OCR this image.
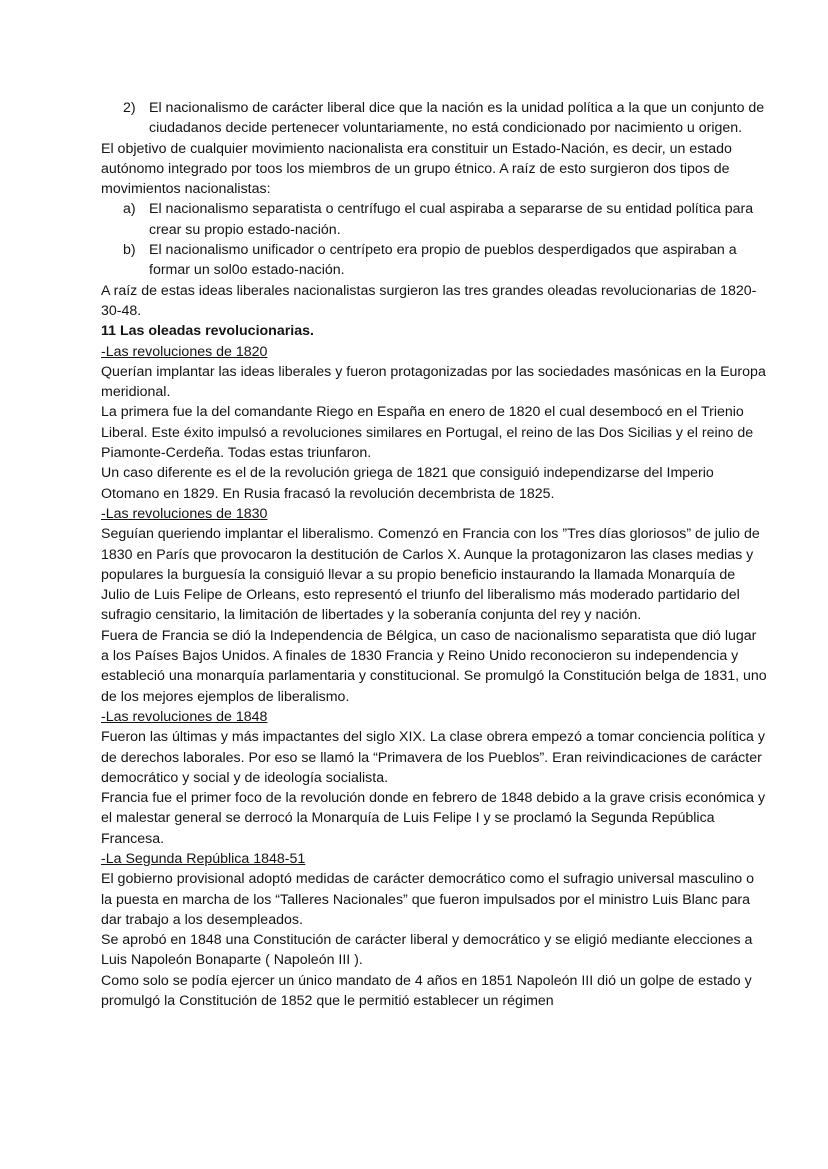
2) El nacionalismo de carácter liberal dice que la nación es la unidad política a la que un conjunto de ciudadanos decide pertenecer voluntariamente, no está condicionado por nacimiento u origen.

El objetivo de cualquier movimiento nacionalista era constituir un Estado-Nación, es decir, un estado autónomo integrado por toos los miembros de un grupo étnico. A raíz de esto surgieron dos tipos de movimientos nacionalistas:

a) El nacionalismo separatista o centrífugo el cual aspiraba a separarse de su entidad política para crear su propio estado-nación.
b) El nacionalismo unificador o centrípeto era propio de pueblos desperdigados que aspiraban a formar un sol0o estado-nación.

A raíz de estas ideas liberales nacionalistas surgieron las tres grandes oleadas revolucionarias de 1820-30-48.

11 Las oleadas revolucionarias.

-Las revoluciones de 1820

Querían implantar las ideas liberales y fueron protagonizadas por las sociedades masónicas en la Europa meridional.

La primera fue la del comandante Riego en España en enero de 1820 el cual desembocó en el Trienio Liberal. Este éxito impulsó a revoluciones similares en Portugal, el reino de las Dos Sicilias y el reino de Piamonte-Cerdeña. Todas estas triunfaron.

Un caso diferente es el de la revolución griega de 1821 que consiguió independizarse del Imperio Otomano en 1829. En Rusia fracasó la revolución decembrista de 1825.

-Las revoluciones de 1830

Seguían queriendo implantar el liberalismo. Comenzó en Francia con los ”Tres días gloriosos” de julio de 1830 en París que provocaron la destitución de Carlos X. Aunque la protagonizaron las clases medias y populares la burguesía la consiguió llevar a su propio beneficio instaurando la llamada Monarquía de Julio de Luis Felipe de Orleans, esto representó el triunfo del liberalismo más moderado partidario del sufragio censitario, la limitación de libertades y la soberanía conjunta del rey y nación.

Fuera de Francia se dió la Independencia de Bélgica, un caso de nacionalismo separatista que dió lugar a los Países Bajos Unidos. A finales de 1830 Francia y Reino Unido reconocieron su independencia y estableció una monarquía parlamentaria y constitucional. Se promulgó la Constitución belga de 1831, uno de los mejores ejemplos de liberalismo.

-Las revoluciones de 1848

Fueron las últimas y más impactantes del siglo XIX. La clase obrera empezó a tomar conciencia política y de derechos laborales. Por eso se llamó la “Primavera de los Pueblos”. Eran reivindicaciones de carácter democrático y social y de ideología socialista.

Francia fue el primer foco de la revolución donde en febrero de 1848 debido a la grave crisis económica y el malestar general se derrocó la Monarquía de Luis Felipe I y se proclamó la Segunda República Francesa.

-La Segunda República 1848-51

El gobierno provisional adoptó medidas de carácter democrático como el sufragio universal masculino o la puesta en marcha de los “Talleres Nacionales” que fueron impulsados por el ministro Luis Blanc para dar trabajo a los desempleados.

Se aprobó en 1848 una Constitución de carácter liberal y democrático y se eligió mediante elecciones a Luis Napoleón Bonaparte ( Napoleón III ).

Como solo se podía ejercer un único mandato de 4 años en 1851 Napoleón III dió un golpe de estado y promulgó la Constitución de 1852 que le permitió establecer un régimen
